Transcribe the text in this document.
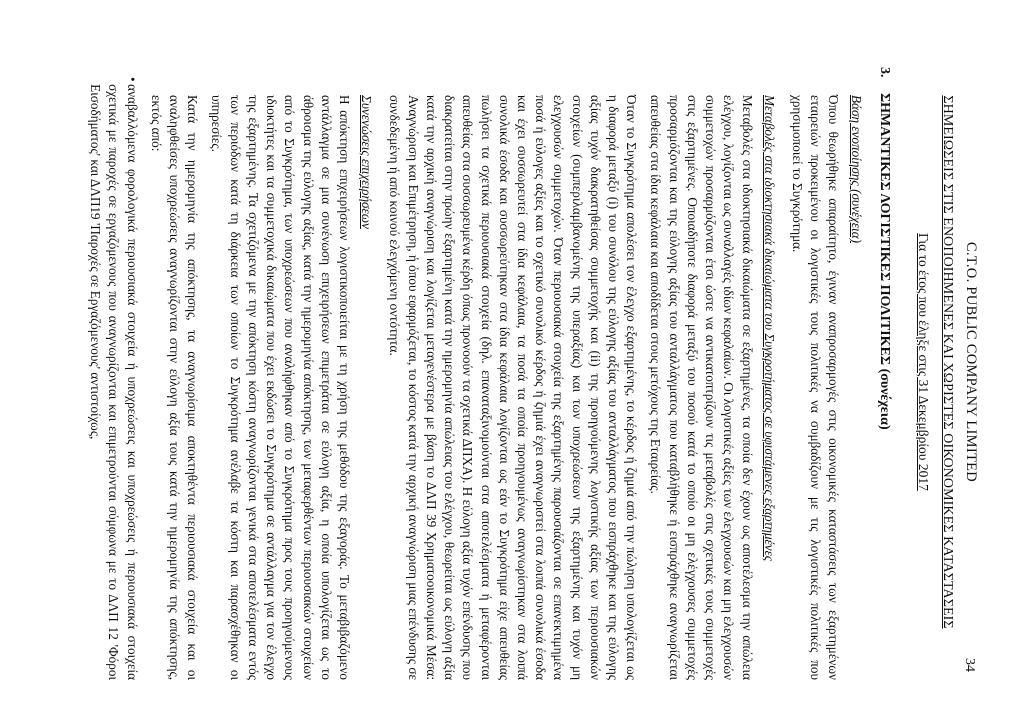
C.T.O. PUBLIC COMPANY LIMITED
34
ΣΗΜΕΙΩΣΕΙΣ ΣΤΙΣ ΕΝΟΠΟΙΗΜΕΝΕΣ ΚΑΙ ΧΩΡΙΣΤΕΣ ΟΙΚΟΝΟΜΙΚΕΣ ΚΑΤΑΣΤΑΣΕΙΣ
Για το έτος που έληξε στις 31 Δεκεμβρίου 2017
3.
ΣΗΜΑΝΤΙΚΕΣ ΛΟΓΙΣΤΙΚΕΣ ΠΟΛΙΤΙΚΕΣ (συνέχεια)
Βάση ενοποίησης (συνέχεια)

Όπου θεωρήθηκε απαραίτητο, έγιναν αναπροσαρμογές στις οικονομικές καταστάσεις των εξαρτημένων εταιρειών προκειμένου οι λογιστικές τους πολιτικές να συμβαδίζουν με τις λογιστικές πολιτικές που χρησιμοποιεί το Συγκρότημα.

Μεταβολές στα ιδιοκτησιακά δικαιώματα του Συγκροτήματος σε υφιστάμενες εξαρτημένες

Μεταβολές στα ιδιοκτησιακά δικαιώματα σε εξαρτημένες, τα οποία δεν έχουν ως αποτέλεσμα την απώλεια ελέγχου, λογίζονται ως συναλλαγές ιδίων κεφαλαίων. Οι λογιστικές αξίες των ελεγχουσών και μη ελεγχουσών συμμετοχών προσαρμόζονται έτσι ώστε να αντικατοπτρίζουν τις μεταβολές στις σχετικές τους συμμετοχές στις εξαρτημένες. Οποιαδήποτε διαφορά μεταξύ του ποσού κατά το οποίο οι μη ελέγχουσες συμμετοχές προσαρμόζονται και της εύλογης αξίας του ανταλλάγματος που καταβλήθηκε ή εισπράχθηκε αναγνωρίζεται απευθείας στα ίδια κεφάλαια και αποδίδεται στους μετόχους της Εταιρείας.

Όταν το Συγκρότημα απολέσει τον έλεγχο εξαρτημένης, το κέρδος ή ζημιά από την πώληση υπολογίζεται ως η διαφορά μεταξύ (i) του συνόλου της εύλογης αξίας του ανταλλάγματος που εισπράχθηκε και της εύλογης αξίας τυχόν διακρατηθείσας συμμετοχής και (ii) της προηγούμενης λογιστικής αξίας των περιουσιακών στοιχείων (συμπεριλαμβανομένης της υπεραξίας) και των υποχρεώσεων της εξαρτημένης και τυχόν μη ελεγχουσών συμμετοχών. Όταν περιουσιακά στοιχεία της εξαρτημένης παρουσιάζονται σε επανεκτιμημένα ποσά ή εύλογες αξίες και το σχετικό συνολικό κέρδος ή ζημιά έχει αναγνωριστεί στα λοιπά συνολικά έσοδα και έχει συσσωρευτεί στα ίδια κεφάλαια, τα ποσά τα οποία προηγουμένως αναγνωρίστηκαν στα λοιπά συνολικά έσοδα και συσσωρεύτηκαν στα ίδια κεφάλαια λογίζονται ως εάν το Συγκρότημα είχε απευθείας πωλήσει τα σχετικά περιουσιακά στοιχεία (δηλ. επαναταξινομούνται στα αποτελέσματα ή μεταφέρονται απευθείας στα συσσωρευμένα κέρδη όπως προνοούν τα σχετικά ΔΠΧΑ). Η εύλογη αξία τυχόν επένδυσης που διακρατείται στην πρώην εξαρτημένη κατά την ημερομηνία απώλειας του ελέγχου, θεωρείται ως εύλογη αξία κατά την αρχική αναγνώριση και λογίζεται μεταγενέστερα με βάση το ΔΛΠ 39 Χρηματοοικονομικά Μέσα: Αναγνώριση και Επιμέτρηση, ή όπου εφαρμόζεται, το κόστος κατά την αρχική αναγνώριση μιας επένδυσης σε συνδεδεμένη ή από κοινού ελεγχόμενη οντότητα.

Συνενώσεις επιχειρήσεων

Η απόκτηση επιχειρήσεων λογιστικοποιείται με τη χρήση της μεθόδου της εξαγοράς. Το μεταβιβαζόμενο αντάλλαγμα σε μια συνένωση επιχειρήσεων επιμετράται σε εύλογη αξία, η οποία υπολογίζεται ως το άθροισμα της εύλογης αξίας, κατά την ημερομηνία απόκτησης, των μεταφερθέντων περιουσιακών στοιχείων από το Συγκρότημα, των υποχρεώσεων που αναλήφθηκαν από το Συγκρότημα προς τους προηγούμενους ιδιοκτήτες και τα συμμετοχικά δικαιώματα που έχει εκδώσει το Συγκρότημα σε αντάλλαγμα για τον έλεγχο της εξαρτημένης. Τα σχετιζόμενα με την απόκτηση κόστη αναγνωρίζονται γενικά στα αποτελέσματα εντός των περιόδων κατά τη διάρκεια των οποίων το Συγκρότημα ανέλαβε τα κόστη και παρασχέθηκαν οι υπηρεσίες.

Κατά την ημερομηνία της απόκτησης, τα αναγνωρίσιμα αποκτηθέντα περιουσιακά στοιχεία και οι αναληφθείσες υποχρεώσεις αναγνωρίζονται στην εύλογη αξία τους κατά την ημερομηνία της απόκτησης, εκτός από:

•

αναβαλλόμενα φορολογικά περιουσιακά στοιχεία ή υποχρεώσεις και υποχρεώσεις ή περιουσιακά στοιχεία σχετικά με παροχές σε εργαζόμενους που αναγνωρίζονται και επιμετρούνται σύμφωνα με το ΔΛΠ 12 'Φόροι Εισοδήματος' και ΔΛΠ19 'Παροχές σε Εργαζόμενους' αντιστοίχως,
